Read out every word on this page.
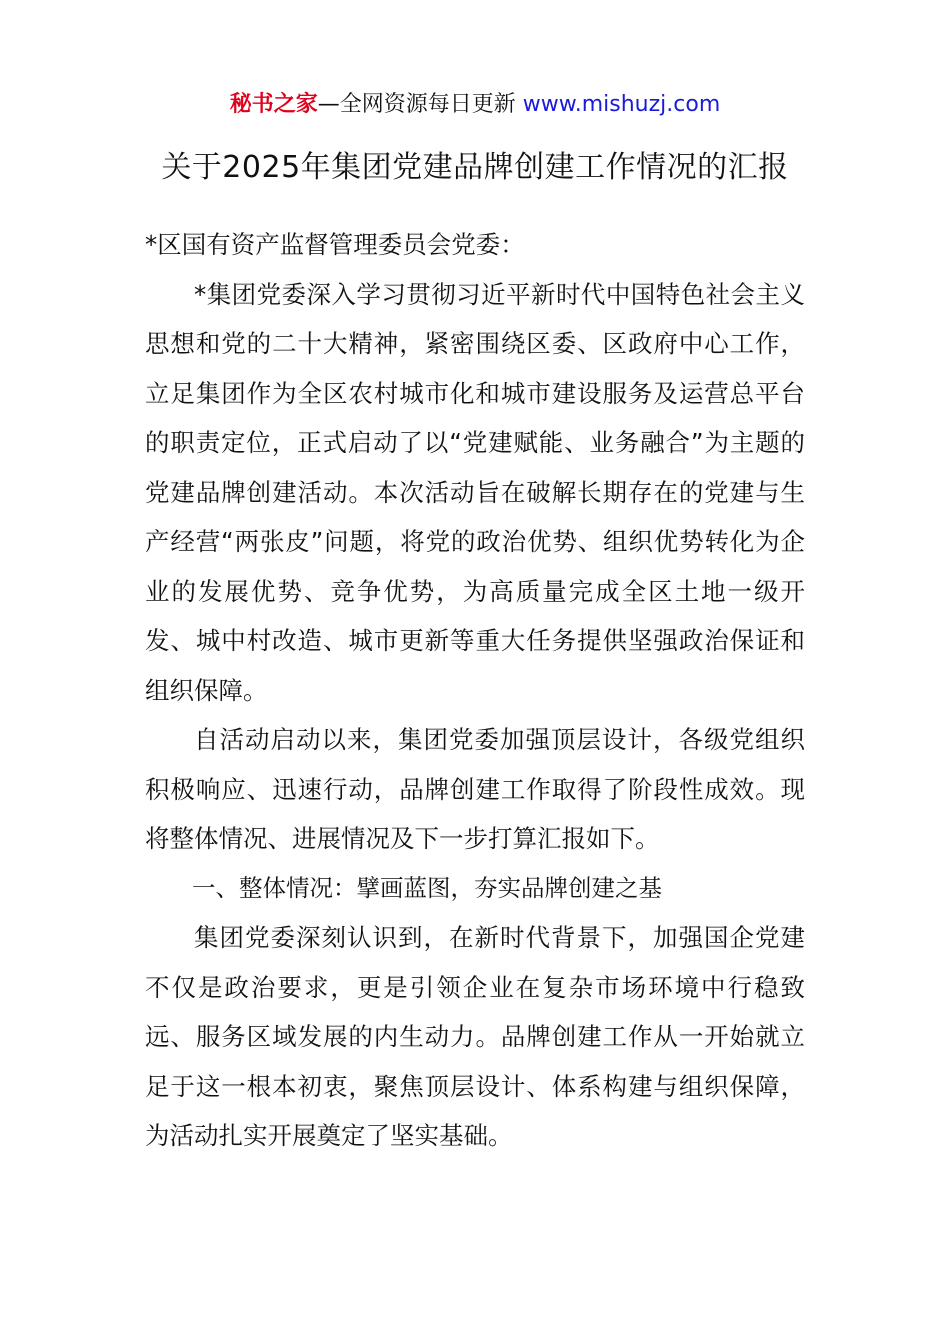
秘书之家—全网资源每日更新 www.mishuzj.com
关于2025年集团党建品牌创建工作情况的汇报

*区国有资产监督管理委员会党委：

*集团党委深入学习贯彻习近平新时代中国特色社会主义思想和党的二十大精神，紧密围绕区委、区政府中心工作，立足集团作为全区农村城市化和城市建设服务及运营总平台的职责定位，正式启动了以“党建赋能、业务融合”为主题的党建品牌创建活动。本次活动旨在破解长期存在的党建与生产经营“两张皮”问题，将党的政治优势、组织优势转化为企业的发展优势、竞争优势，为高质量完成全区土地一级开发、城中村改造、城市更新等重大任务提供坚强政治保证和组织保障。

自活动启动以来，集团党委加强顶层设计，各级党组织积极响应、迅速行动，品牌创建工作取得了阶段性成效。现将整体情况、进展情况及下一步打算汇报如下。

一、整体情况：擘画蓝图，夯实品牌创建之基

集团党委深刻认识到，在新时代背景下，加强国企党建不仅是政治要求，更是引领企业在复杂市场环境中行稳致远、服务区域发展的内生动力。品牌创建工作从一开始就立足于这一根本初衷，聚焦顶层设计、体系构建与组织保障，为活动扎实开展奠定了坚实基础。
